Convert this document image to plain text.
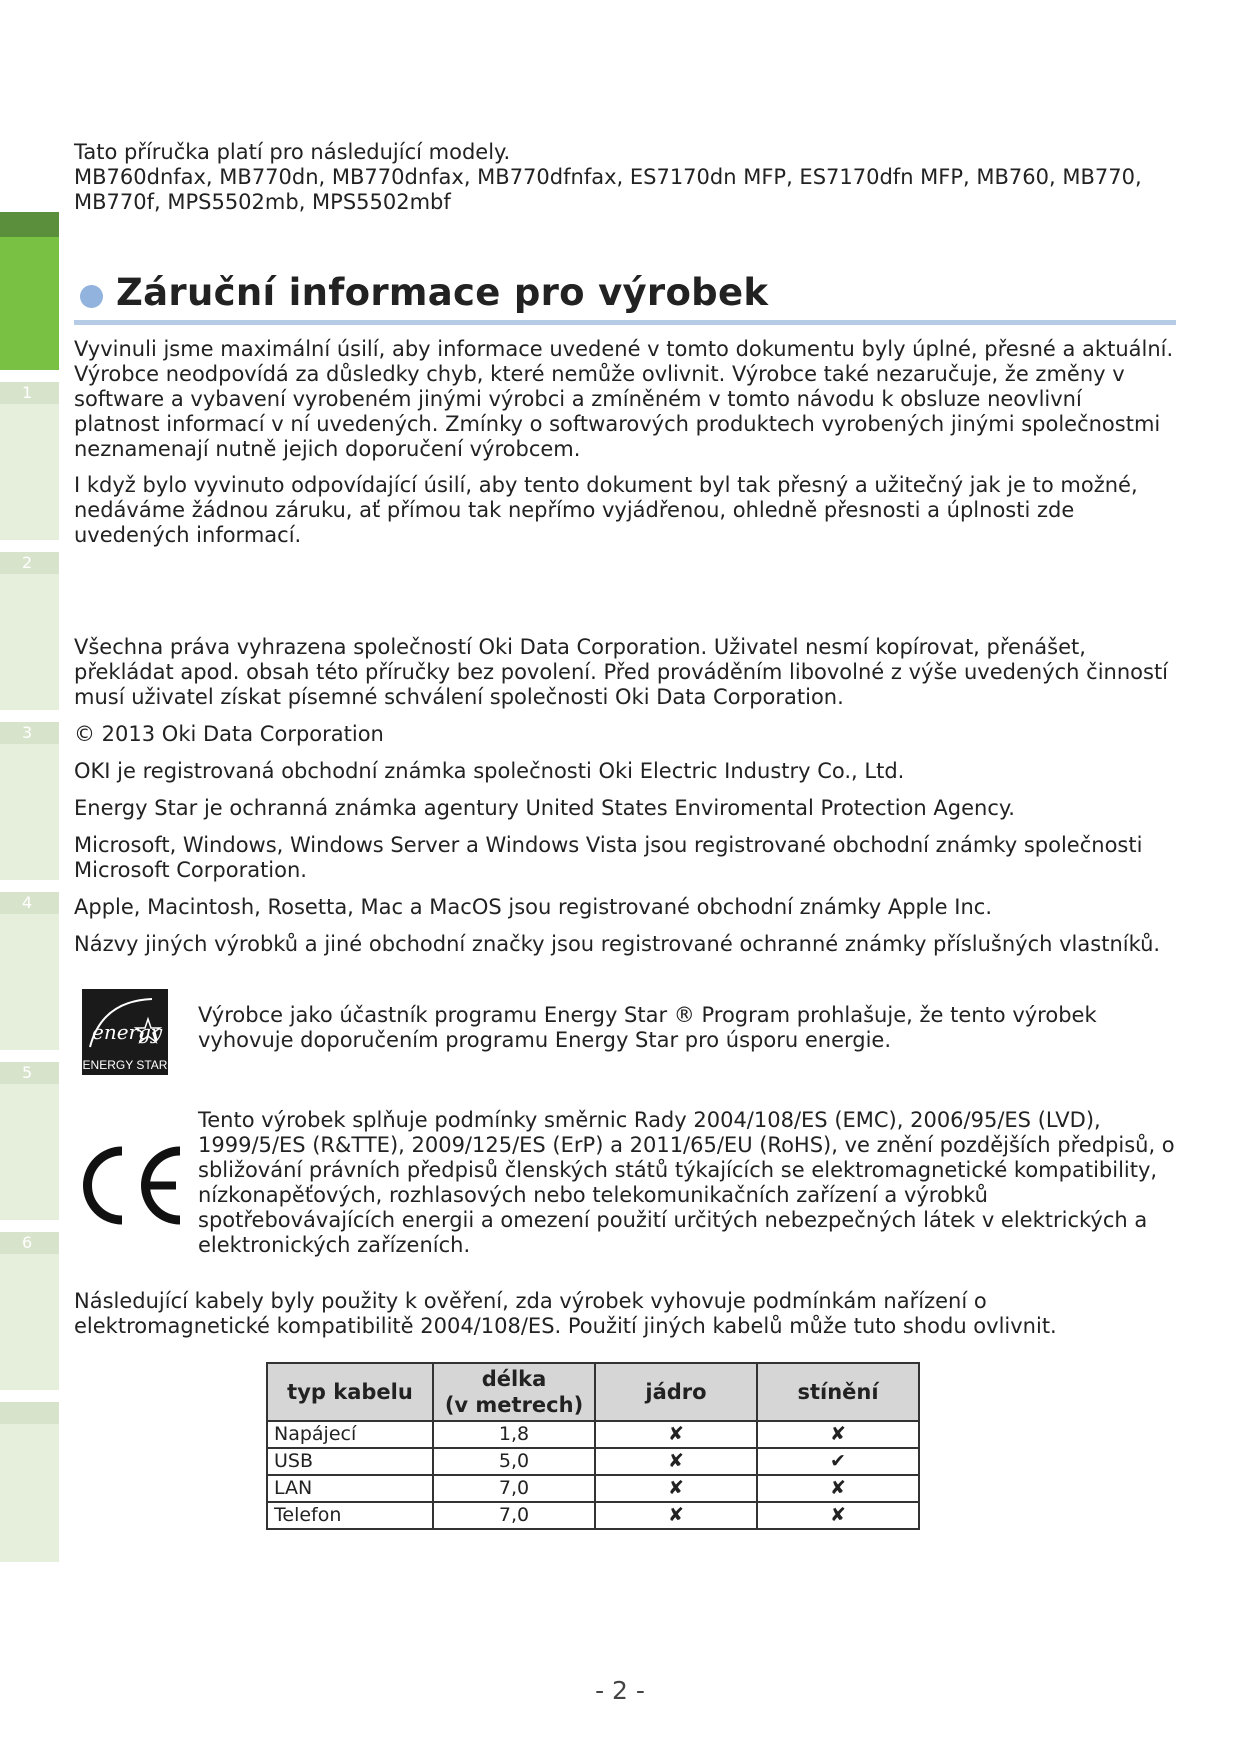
1
2
3
4
5
6

Tato příručka platí pro následující modely.

MB760dnfax, MB770dn, MB770dnfax, MB770dfnfax, ES7170dn MFP, ES7170dfn MFP, MB760, MB770,

MB770f, MPS5502mb, MPS5502mbf

Záruční informace pro výrobek

Vyvinuli jsme maximální úsilí, aby informace uvedené v tomto dokumentu byly úplné, přesné a aktuální. Výrobce neodpovídá za důsledky chyb, které nemůže ovlivnit. Výrobce také nezaručuje, že změny v software a vybavení vyrobeném jinými výrobci a zmíněném v tomto návodu k obsluze neovlivní platnost informací v ní uvedených. Zmínky o softwarových produktech vyrobených jinými společnostmi neznamenají nutně jejich doporučení výrobcem.

I když bylo vyvinuto odpovídající úsilí, aby tento dokument byl tak přesný a užitečný jak je to možné, nedáváme žádnou záruku, ať přímou tak nepřímo vyjádřenou, ohledně přesnosti a úplnosti zde uvedených informací.

Všechna práva vyhrazena společností Oki Data Corporation. Uživatel nesmí kopírovat, přenášet, překládat apod. obsah této příručky bez povolení. Před prováděním libovolné z výše uvedených činností musí uživatel získat písemné schválení společnosti Oki Data Corporation.

© 2013 Oki Data Corporation

OKI je registrovaná obchodní známka společnosti Oki Electric Industry Co., Ltd.

Energy Star je ochranná známka agentury United States Enviromental Protection Agency.

Microsoft, Windows, Windows Server a Windows Vista jsou registrované obchodní známky společnosti Microsoft Corporation.

Apple, Macintosh, Rosetta, Mac a MacOS jsou registrované obchodní známky Apple Inc.

Názvy jiných výrobků a jiné obchodní značky jsou registrované ochranné známky příslušných vlastníků.

Výrobce jako účastník programu Energy Star ® Program prohlašuje, že tento výrobek vyhovuje doporučením programu Energy Star pro úsporu energie.

Tento výrobek splňuje podmínky směrnic Rady 2004/108/ES (EMC), 2006/95/ES (LVD), 1999/5/ES (R&TTE), 2009/125/ES (ErP) a 2011/65/EU (RoHS), ve znění pozdějších předpisů, o sbližování právních předpisů členských států týkajících se elektromagnetické kompatibility, nízkonapěťových, rozhlasových nebo telekomunikačních zařízení a výrobků spotřebovávajících energii a omezení použití určitých nebezpečných látek v elektrických a elektronických zařízeních.

Následující kabely byly použity k ověření, zda výrobek vyhovuje podmínkám nařízení o elektromagnetické kompatibilitě 2004/108/ES. Použití jiných kabelů může tuto shodu ovlivnit.

energy
ENERGY STAR
typ kabelu	délka
(v metrech)	jádro	stínění
Napájecí	1,8	✘	✘
USB	5,0	✘	✔
LAN	7,0	✘	✘
Telefon	7,0	✘	✘
- 2 -
